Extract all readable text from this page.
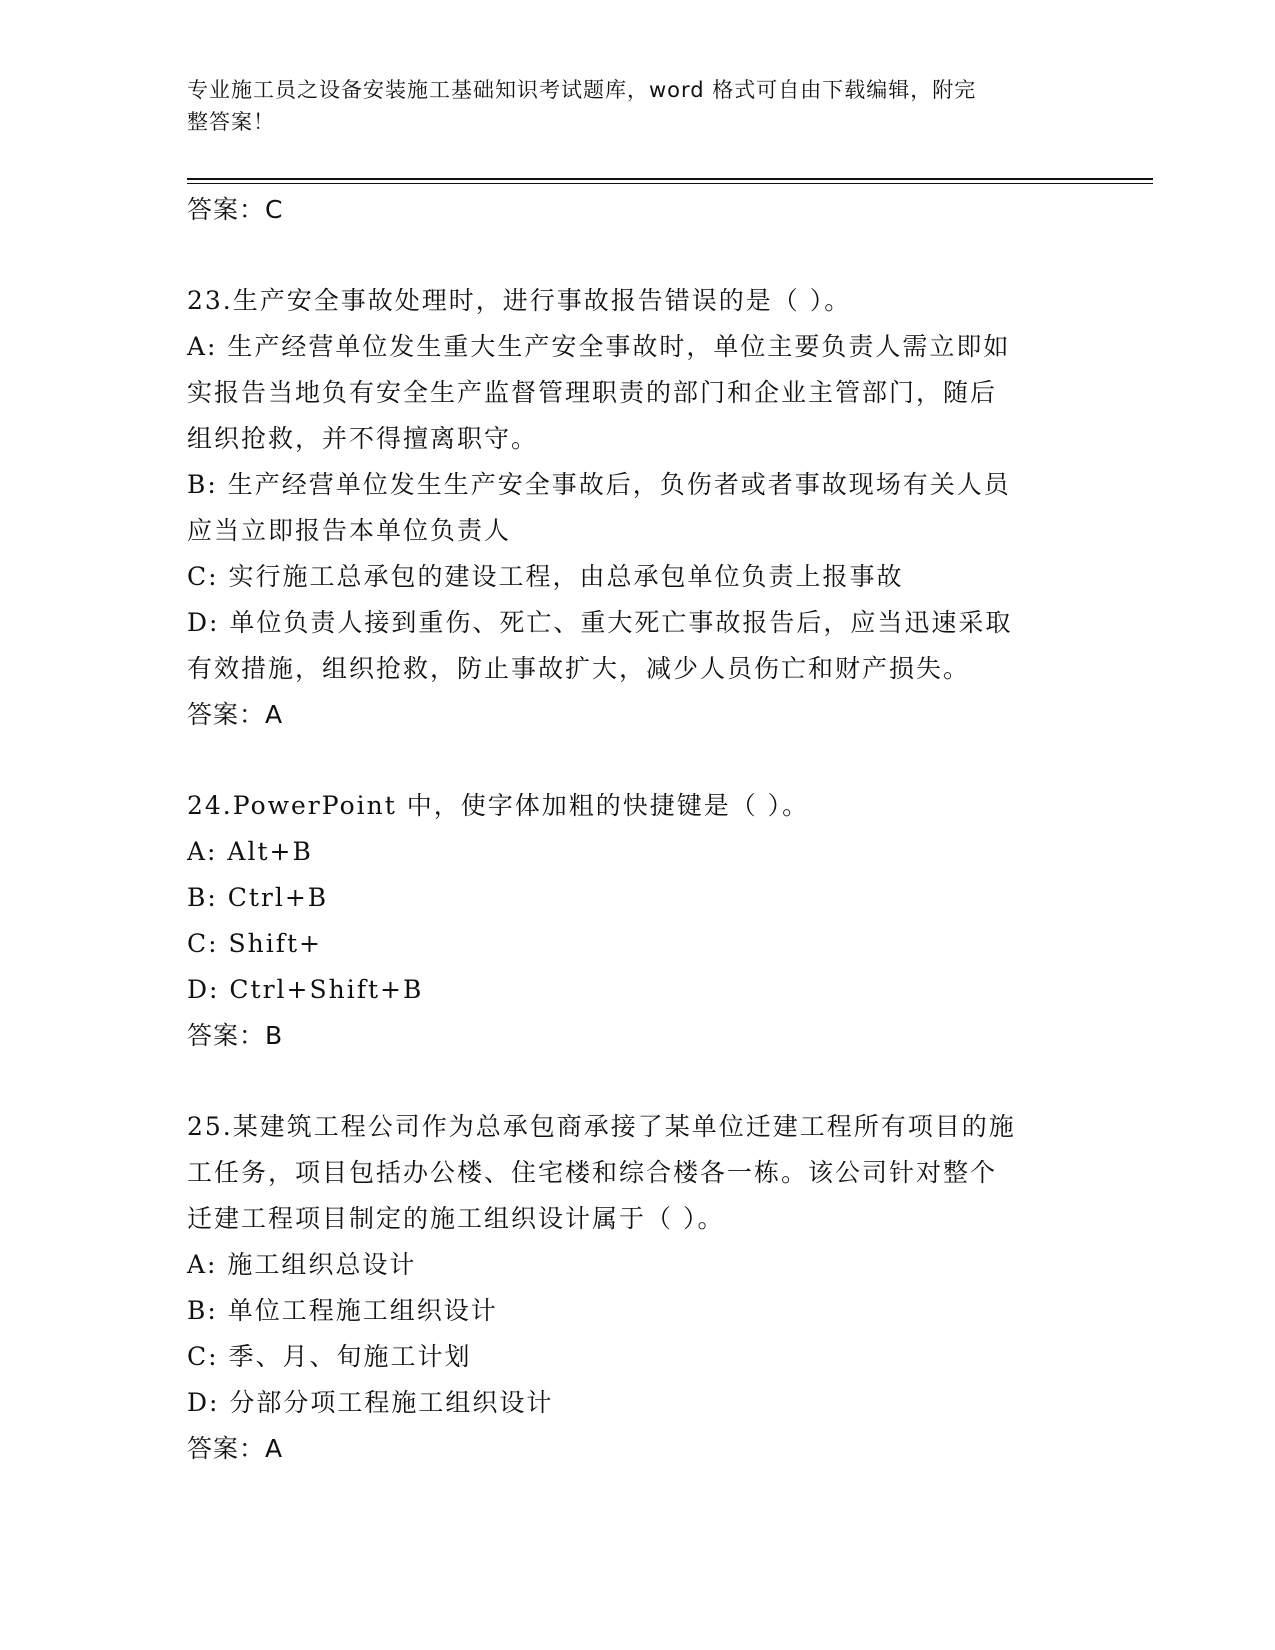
专业施工员之设备安装施工基础知识考试题库，word 格式可自由下载编辑，附完
整答案！
答案：C
23.生产安全事故处理时，进行事故报告错误的是（ ）。
A: 生产经营单位发生重大生产安全事故时，单位主要负责人需立即如
实报告当地负有安全生产监督管理职责的部门和企业主管部门，随后
组织抢救，并不得擅离职守。
B: 生产经营单位发生生产安全事故后，负伤者或者事故现场有关人员
应当立即报告本单位负责人
C: 实行施工总承包的建设工程，由总承包单位负责上报事故
D: 单位负责人接到重伤、死亡、重大死亡事故报告后，应当迅速采取
有效措施，组织抢救，防止事故扩大，减少人员伤亡和财产损失。
答案：A
24.PowerPoint 中，使字体加粗的快捷键是（ ）。
A: Alt+B
B: Ctrl+B
C: Shift+
D: Ctrl+Shift+B
答案：B
25.某建筑工程公司作为总承包商承接了某单位迁建工程所有项目的施
工任务，项目包括办公楼、住宅楼和综合楼各一栋。该公司针对整个
迁建工程项目制定的施工组织设计属于（ ）。
A: 施工组织总设计
B: 单位工程施工组织设计
C: 季、月、旬施工计划
D: 分部分项工程施工组织设计
答案：A
